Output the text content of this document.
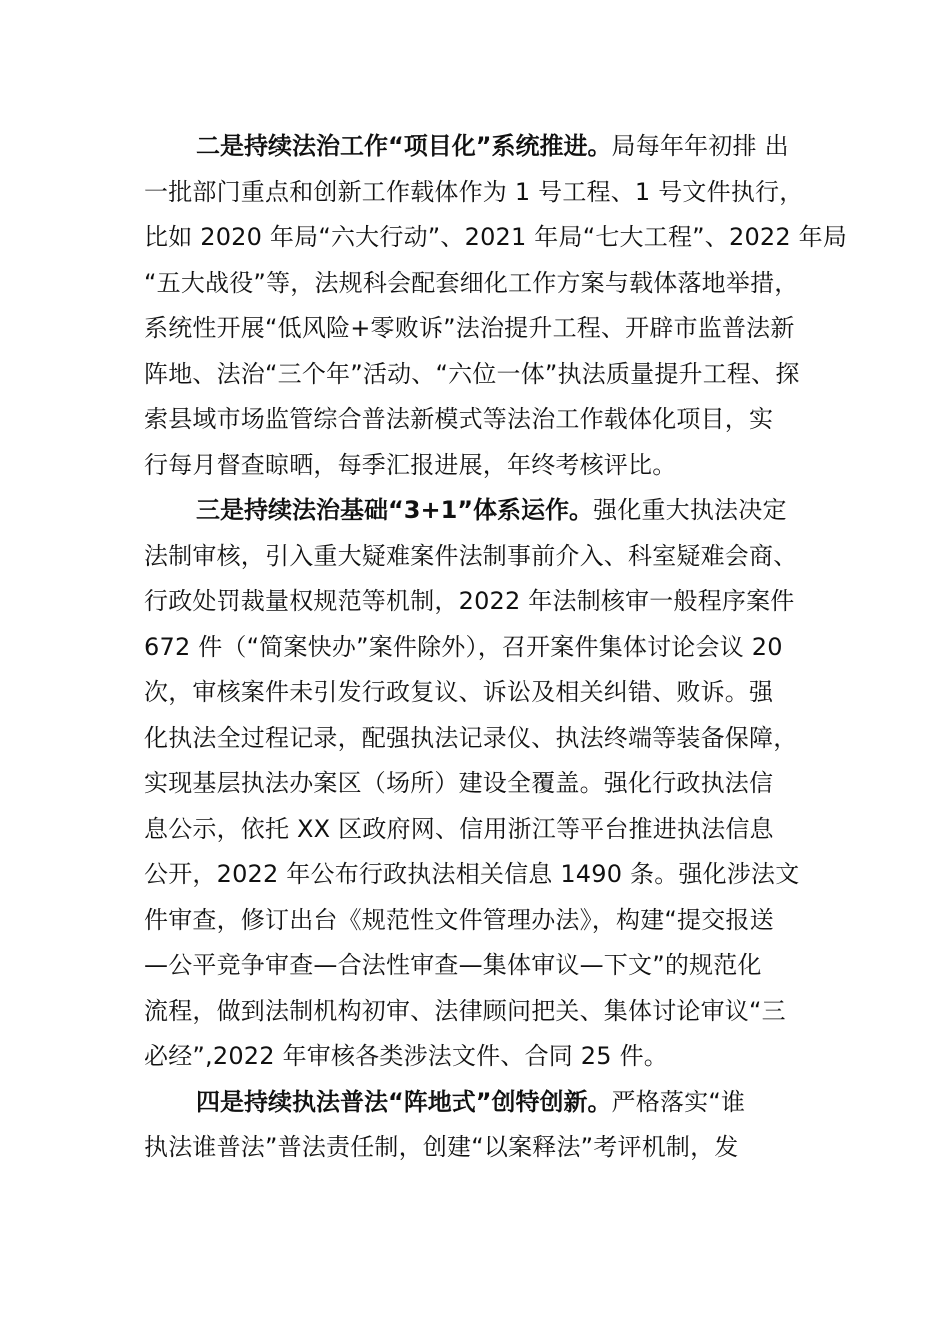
二是持续法治工作“项目化”系统推进。局每年年初排 出
一批部门重点和创新工作载体作为 1 号工程、1 号文件执行，
比如 2020 年局“六大行动”、2021 年局“七大工程”、2022 年局
“五大战役”等，法规科会配套细化工作方案与载体落地举措，
系统性开展“低风险+零败诉”法治提升工程、开辟市监普法新
阵地、法治“三个年”活动、“六位一体”执法质量提升工程、探
索县域市场监管综合普法新模式等法治工作载体化项目，实
行每月督查晾晒，每季汇报进展，年终考核评比。
三是持续法治基础“3+1”体系运作。强化重大执法决定
法制审核，引入重大疑难案件法制事前介入、科室疑难会商、
行政处罚裁量权规范等机制，2022 年法制核审一般程序案件
672 件（“简案快办”案件除外），召开案件集体讨论会议 20
次，审核案件未引发行政复议、诉讼及相关纠错、败诉。强
化执法全过程记录，配强执法记录仪、执法终端等装备保障，
实现基层执法办案区（场所）建设全覆盖。强化行政执法信
息公示，依托 XX 区政府网、信用浙江等平台推进执法信息
公开，2022 年公布行政执法相关信息 1490 条。强化涉法文
件审查，修订出台《规范性文件管理办法》，构建“提交报送
—公平竞争审查—合法性审查—集体审议—下文”的规范化
流程，做到法制机构初审、法律顾问把关、集体讨论审议“三
必经”,2022 年审核各类涉法文件、合同 25 件。
四是持续执法普法“阵地式”创特创新。严格落实“谁
执法谁普法”普法责任制，创建“以案释法”考评机制，发
